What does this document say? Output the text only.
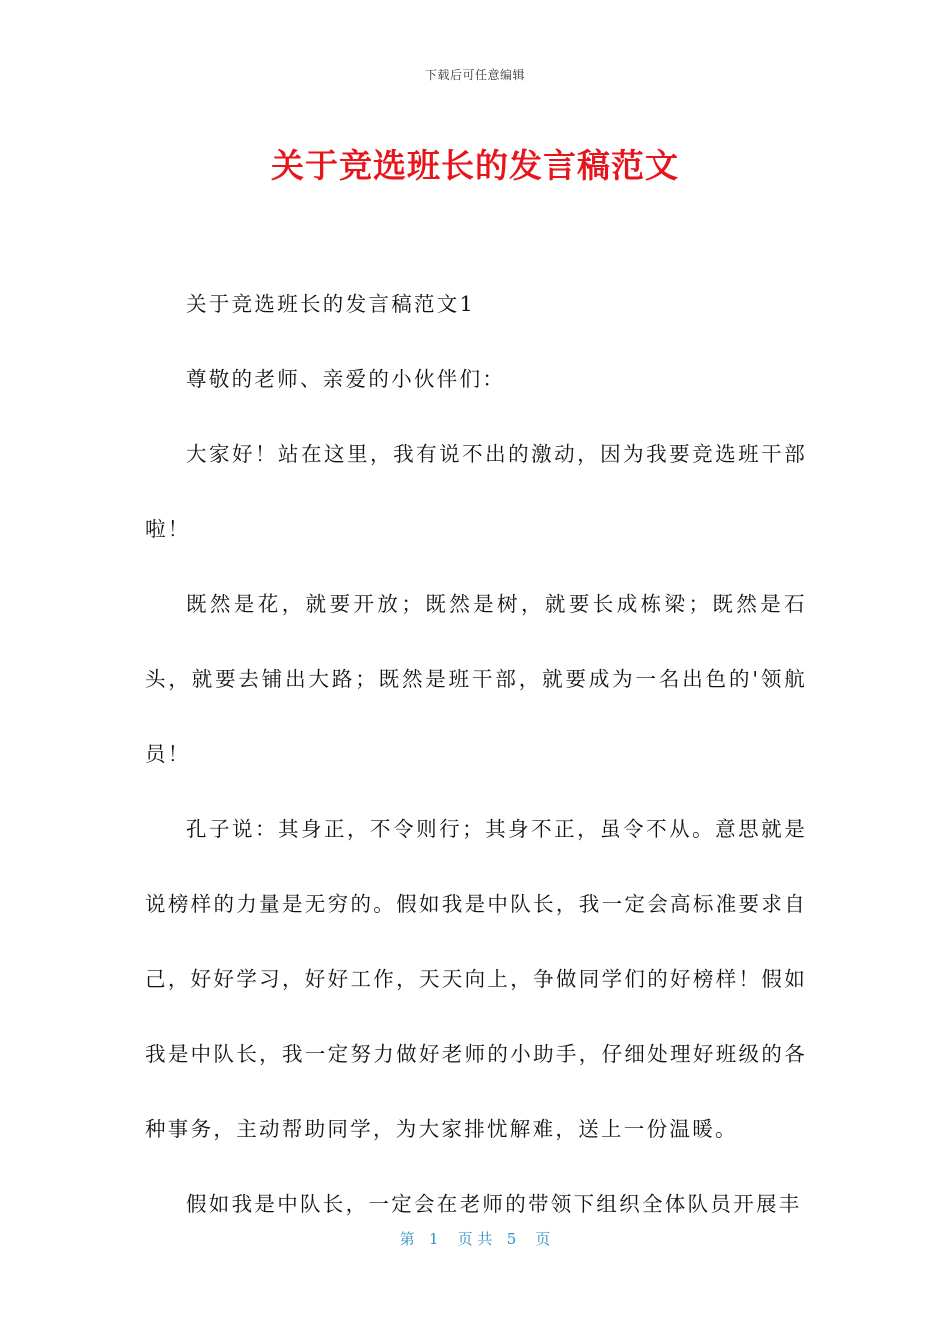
下载后可任意编辑
关于竞选班长的发言稿范文

关于竞选班长的发言稿范文1

尊敬的老师、亲爱的小伙伴们：

大家好！站在这里，我有说不出的激动，因为我要竞选班干部啦！

既然是花，就要开放；既然是树，就要长成栋梁；既然是石头，就要去铺出大路；既然是班干部，就要成为一名出色的'领航员！

孔子说：其身正，不令则行；其身不正，虽令不从。意思就是说榜样的力量是无穷的。假如我是中队长，我一定会高标准要求自己，好好学习，好好工作，天天向上，争做同学们的好榜样！假如我是中队长，我一定努力做好老师的小助手，仔细处理好班级的各种事务，主动帮助同学，为大家排忧解难，送上一份温暖。

假如我是中队长，一定会在老师的带领下组织全体队员开展丰

第 1 页 共 5 页
